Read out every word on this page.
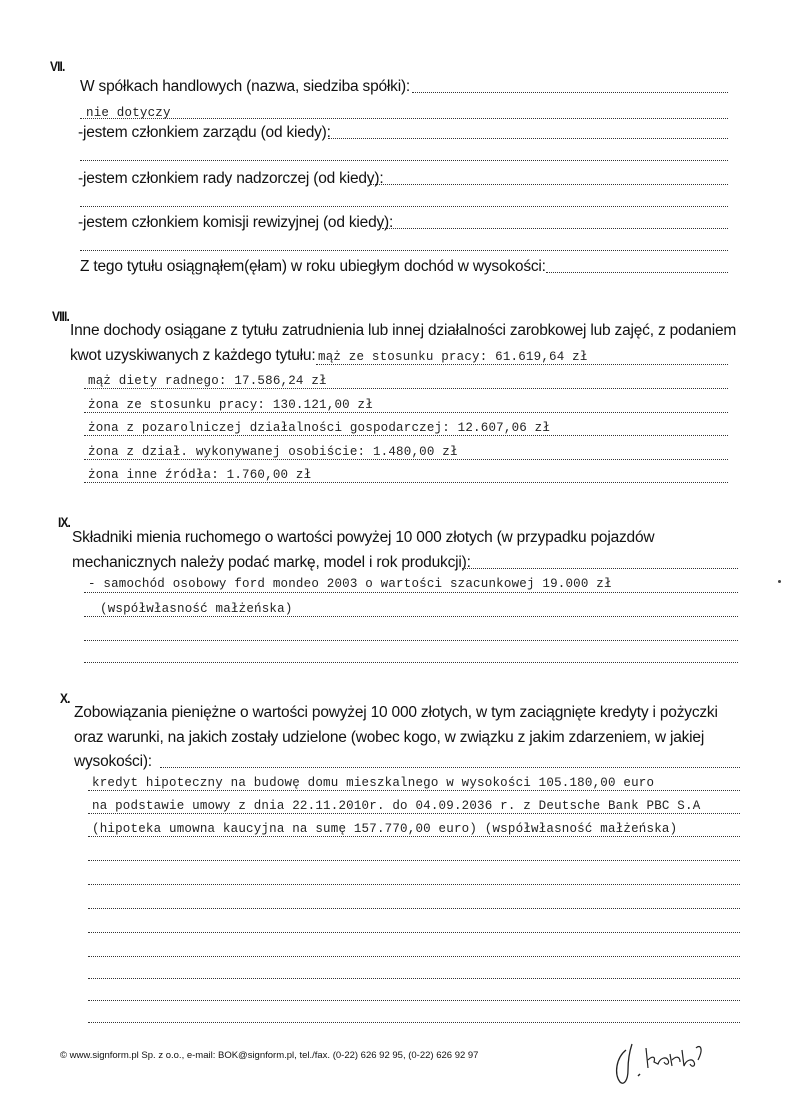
VII.
W spółkach handlowych (nazwa, siedziba spółki):
nie dotyczy
-jestem członkiem zarządu (od kiedy):
-jestem członkiem rady nadzorczej (od kiedy):
-jestem członkiem komisji rewizyjnej (od kiedy):
Z tego tytułu osiągnąłem(ęłam) w roku ubiegłym dochód w wysokości:
VIII.
Inne dochody osiągane z tytułu zatrudnienia lub innej działalności zarobkowej lub zajęć, z podaniem
kwot uzyskiwanych z każdego tytułu: mąż ze stosunku pracy: 61.619,64 zł
mąż diety radnego: 17.586,24 zł
żona ze stosunku pracy: 130.121,00 zł
żona z pozarolniczej działalności gospodarczej: 12.607,06 zł
żona z dział. wykonywanej osobiście: 1.480,00 zł
żona inne źródła: 1.760,00 zł
IX.
Składniki mienia ruchomego o wartości powyżej 10 000 złotych (w przypadku pojazdów
mechanicznych należy podać markę, model i rok produkcji):
- samochód osobowy ford mondeo 2003 o wartości szacunkowej 19.000 zł
(współwłasność małżeńska)
X.
Zobowiązania pieniężne o wartości powyżej 10 000 złotych, w tym zaciągnięte kredyty i pożyczki
oraz warunki, na jakich zostały udzielone (wobec kogo, w związku z jakim zdarzeniem, w jakiej
wysokości):
kredyt hipoteczny na budowę domu mieszkalnego w wysokości 105.180,00 euro
na podstawie umowy z dnia 22.11.2010r. do 04.09.2036 r. z Deutsche Bank PBC S.A
(hipoteka umowna kaucyjna na sumę 157.770,00 euro) (współwłasność małżeńska)
© www.signform.pl Sp. z o.o., e-mail: BOK@signform.pl, tel./fax. (0-22) 626 92 95, (0-22) 626 92 97
